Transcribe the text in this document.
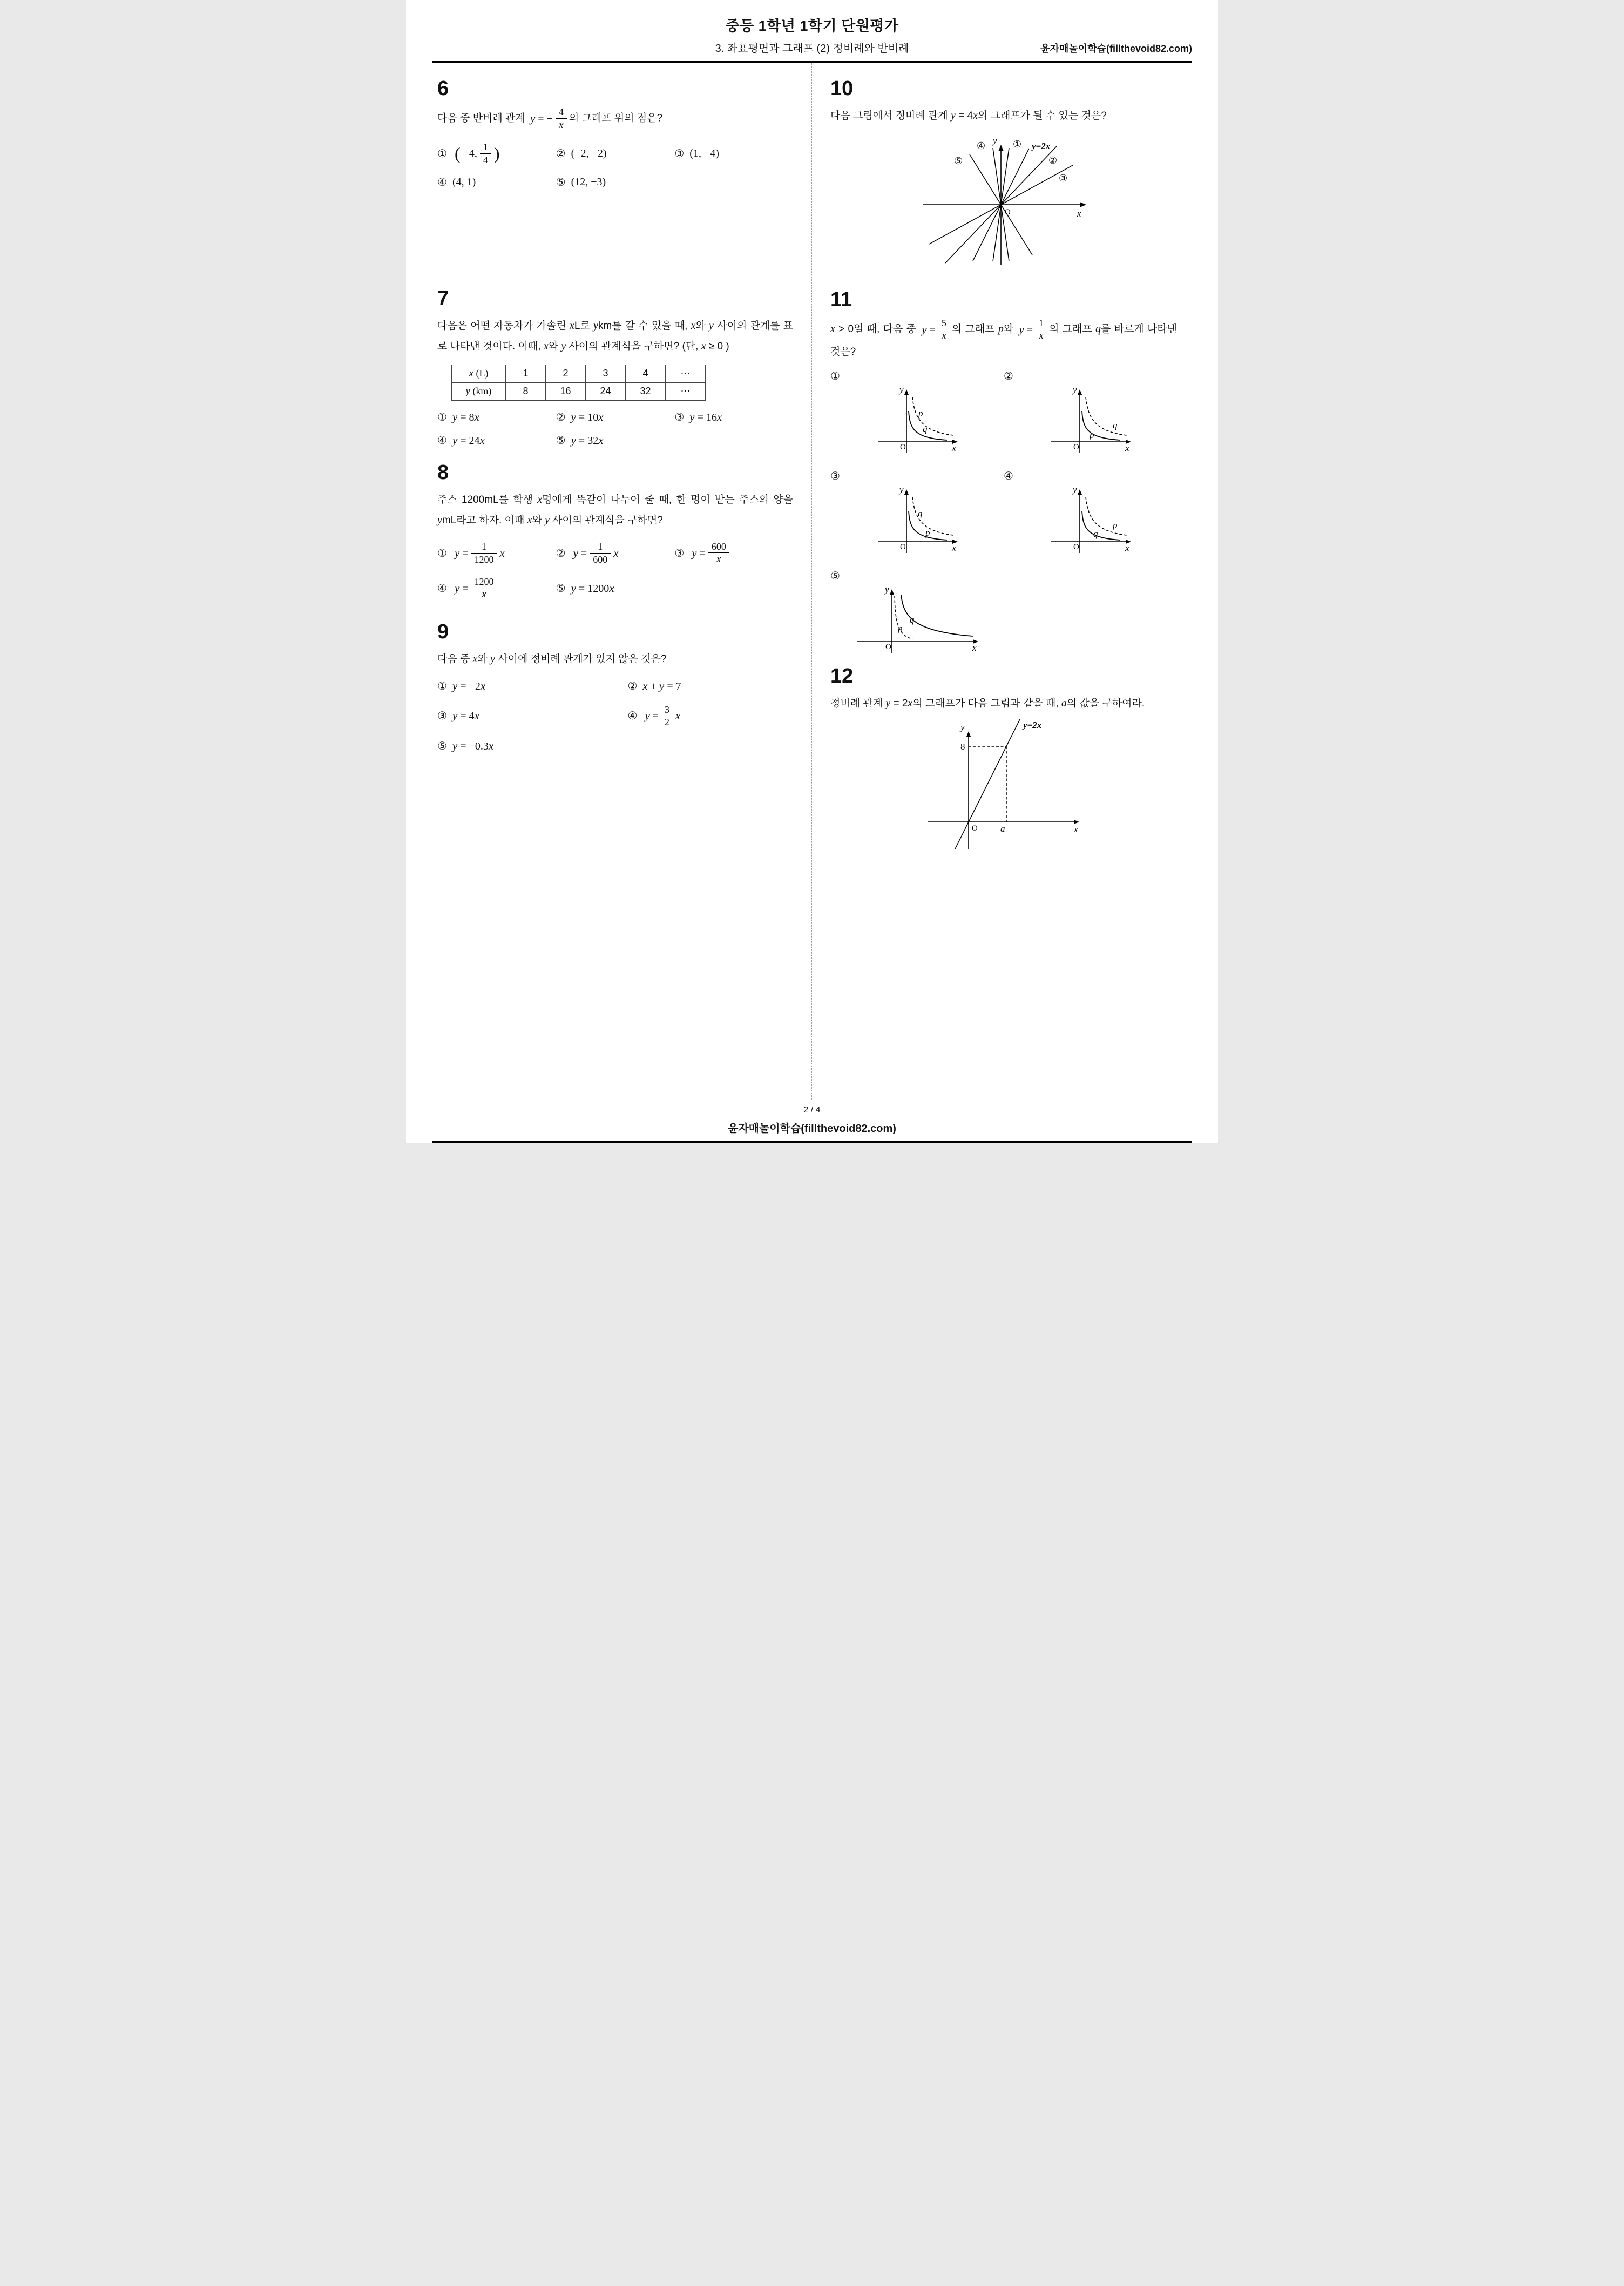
중등 1학년 1학기 단원평가
3. 좌표평면과 그래프 (2) 정비례와 반비례	윤자매놀이학습(fillthevoid82.com)
6

다음 중 반비례 관계 y = − $\frac{4}{x}$ 의 그래프 위의 점은?

① ( −4, $\frac{1}{4}$ )	② (−2, −2)	③ (1, −4)
④ (4, 1)	⑤ (12, −3)
7

다음은 어떤 자동차가 가솔린 xL로 ykm를 갈 수 있을 때, x와 y 사이의 관계를 표로 나타낸 것이다. 이때, x와 y 사이의 관계식을 구하면? (단, x ≥ 0 )

x (L)	1	2	3	4	⋯
y (km)	8	16	24	32	⋯
① y = 8x	② y = 10x	③ y = 16x
④ y = 24x	⑤ y = 32x
8

주스 1200mL를 학생 x명에게 똑같이 나누어 줄 때, 한 명이 받는 주스의 양을 ymL라고 하자. 이때 x와 y 사이의 관계식을 구하면?

① $y = \frac{1}{1200}$ x	② $y = \frac{1}{600}$ x	③ $y = \frac{600}{x}$
④ $y = \frac{1200}{x}$	⑤ y = 1200x
9

다음 중 x와 y 사이에 정비례 관계가 있지 않은 것은?

① y = −2x	② x + y = 7
③ y = 4x	④ $y = \frac{3}{2}$ x
⑤ y = −0.3x
10

다음 그림에서 정비례 관계 y = 4x의 그래프가 될 수 있는 것은?

④	① y=2x
②
③
⑤
y
x
O
11

x > 0일 때, 다음 중 $y = \frac{5}{x}$ 의 그래프 p와 $y = \frac{1}{x}$ 의 그래프 q를 바르게 나타낸 것은?

①
p
q
O
y
x
②
q
p
O
y
x
③
q
p
O
y
x
④
p
q
O
y
x
⑤
p
q
O
y
x
12

정비례 관계 y = 2x의 그래프가 다음 그림과 같을 때, a의 값을 구하여라.

y=2x
8
a
O	x
y
2 / 4
윤자매놀이학습(fillthevoid82.com)
